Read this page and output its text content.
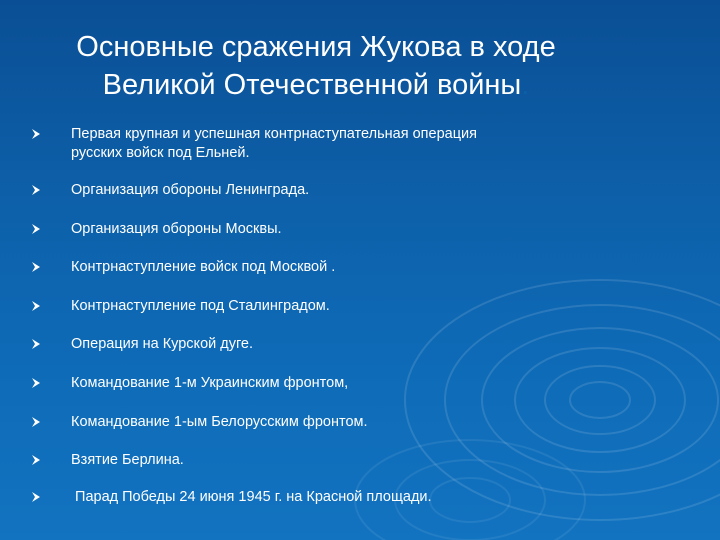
Основные сражения Жукова в ходе
Великой Отечественной войны.
Первая крупная и успешная контрнаступательная операция
русских войск под Ельней.
Организация обороны Ленинграда.
Организация обороны Москвы.
Контрнаступление войск под Москвой .
Контрнаступление под Сталинградом.
Операция на Курской дуге.
Командование 1-м Украинским фронтом,
Командование 1-ым Белорусским фронтом.
Взятие Берлина.
Парад Победы 24 июня 1945 г. на Красной площади.
